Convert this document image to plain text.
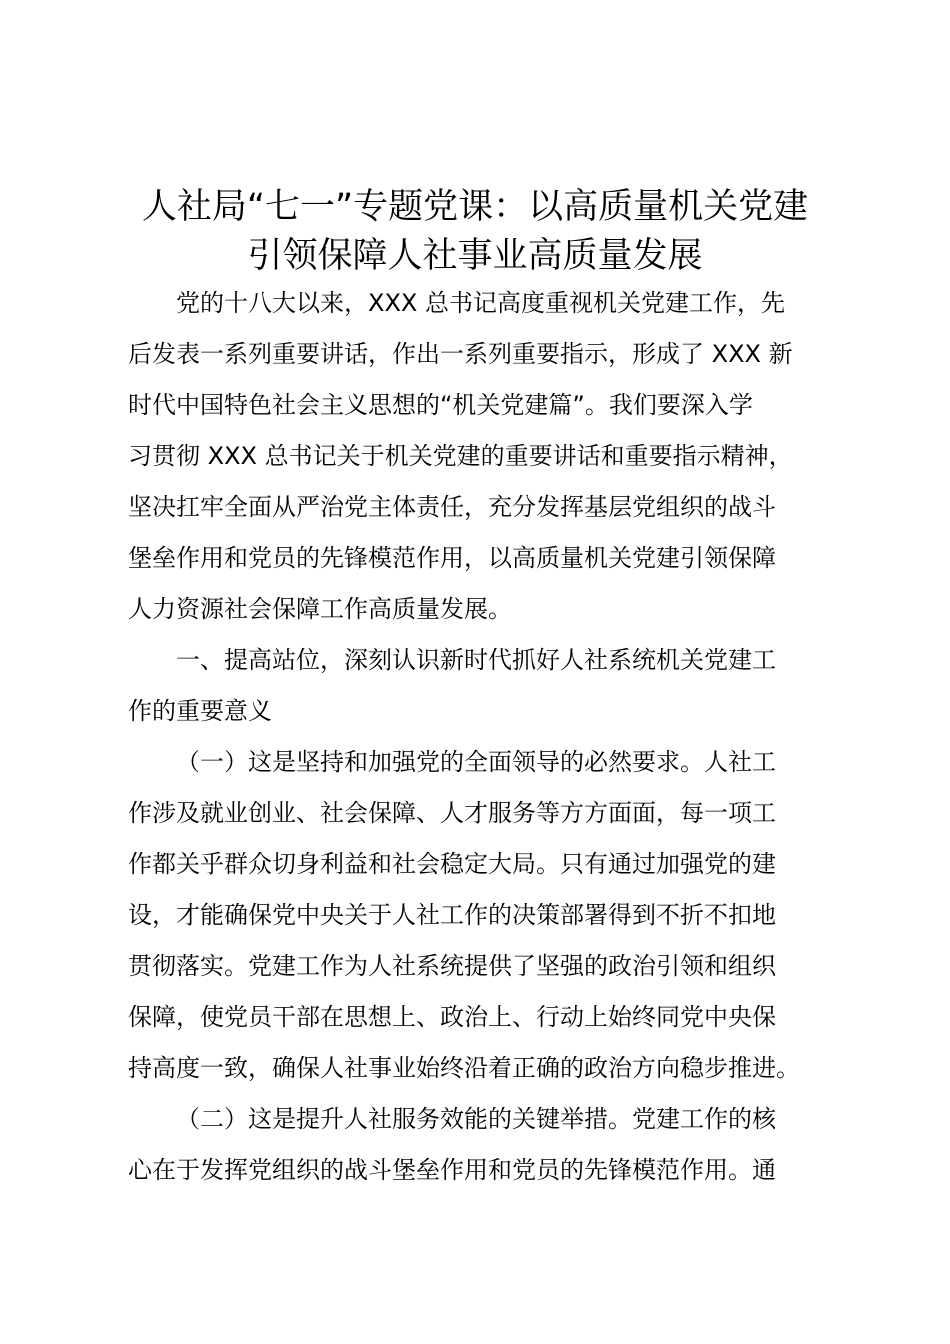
人社局“七一”专题党课：以高质量机关党建
引领保障人社事业高质量发展
党的十八大以来，XXX 总书记高度重视机关党建工作，先
后发表一系列重要讲话，作出一系列重要指示，形成了 XXX 新
时代中国特色社会主义思想的“机关党建篇”。我们要深入学
习贯彻 XXX 总书记关于机关党建的重要讲话和重要指示精神，
坚决扛牢全面从严治党主体责任，充分发挥基层党组织的战斗
堡垒作用和党员的先锋模范作用，以高质量机关党建引领保障
人力资源社会保障工作高质量发展。
一、提高站位，深刻认识新时代抓好人社系统机关党建工
作的重要意义
（一）这是坚持和加强党的全面领导的必然要求。人社工
作涉及就业创业、社会保障、人才服务等方方面面，每一项工
作都关乎群众切身利益和社会稳定大局。只有通过加强党的建
设，才能确保党中央关于人社工作的决策部署得到不折不扣地
贯彻落实。党建工作为人社系统提供了坚强的政治引领和组织
保障，使党员干部在思想上、政治上、行动上始终同党中央保
持高度一致，确保人社事业始终沿着正确的政治方向稳步推进。
（二）这是提升人社服务效能的关键举措。党建工作的核
心在于发挥党组织的战斗堡垒作用和党员的先锋模范作用。通
